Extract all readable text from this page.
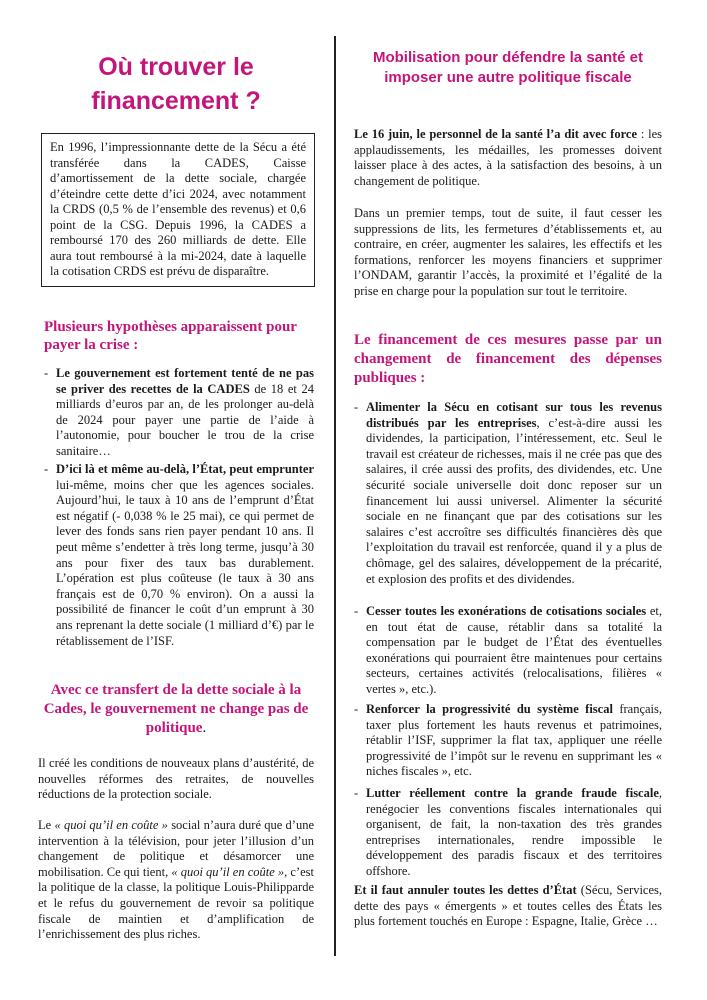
Où trouver le financement ?
En 1996, l’impressionnante dette de la Sécu a été transférée dans la CADES, Caisse d’amortissement de la dette sociale, chargée d’éteindre cette dette d’ici 2024, avec notamment la CRDS (0,5 % de l’ensemble des revenus) et 0,6 point de la CSG. Depuis 1996, la CADES a remboursé 170 des 260 milliards de dette. Elle aura tout remboursé à la mi-2024, date à laquelle la cotisation CRDS est prévu de disparaître.
Plusieurs hypothèses apparaissent pour payer la crise :
- Le gouvernement est fortement tenté de ne pas se priver des recettes de la CADES de 18 et 24 milliards d’euros par an, de les prolonger au-delà de 2024 pour payer une partie de l’aide à l’autonomie, pour boucher le trou de la crise sanitaire…
- D’ici là et même au-delà, l’État, peut emprunter lui-même, moins cher que les agences sociales. Aujourd’hui, le taux à 10 ans de l’emprunt d’État est négatif (- 0,038 % le 25 mai), ce qui permet de lever des fonds sans rien payer pendant 10 ans. Il peut même s’endetter à très long terme, jusqu’à 30 ans pour fixer des taux bas durablement. L’opération est plus coûteuse (le taux à 30 ans français est de 0,70 % environ). On a aussi la possibilité de financer le coût d’un emprunt à 30 ans reprenant la dette sociale (1 milliard d’€) par le rétablissement de l’ISF.
Avec ce transfert de la dette sociale à la Cades, le gouvernement ne change pas de politique.

Il créé les conditions de nouveaux plans d’austérité, de nouvelles réformes des retraites, de nouvelles réductions de la protection sociale.

Le « quoi qu’il en coûte » social n’aura duré que d’une intervention à la télévision, pour jeter l’illusion d’un changement de politique et désamorcer une mobilisation. Ce qui tient, « quoi qu’il en coûte », c’est la politique de la classe, la politique Louis-Philipparde et le refus du gouvernement de revoir sa politique fiscale de maintien et d’amplification de l’enrichissement des plus riches.

Mobilisation pour défendre la santé et imposer une autre politique fiscale

Le 16 juin, le personnel de la santé l’a dit avec force : les applaudissements, les médailles, les promesses doivent laisser place à des actes, à la satisfaction des besoins, à un changement de politique.

Dans un premier temps, tout de suite, il faut cesser les suppressions de lits, les fermetures d’établissements et, au contraire, en créer, augmenter les salaires, les effectifs et les formations, renforcer les moyens financiers et supprimer l’ONDAM, garantir l’accès, la proximité et l’égalité de la prise en charge pour la population sur tout le territoire.

Le financement de ces mesures passe par un changement de financement des dépenses publiques :
- Alimenter la Sécu en cotisant sur tous les revenus distribués par les entreprises, c’est-à-dire aussi les dividendes, la participation, l’intéressement, etc. Seul le travail est créateur de richesses, mais il ne crée pas que des salaires, il crée aussi des profits, des dividendes, etc. Une sécurité sociale universelle doit donc reposer sur un financement lui aussi universel. Alimenter la sécurité sociale en ne finançant que par des cotisations sur les salaires c’est accroître ses difficultés financières dès que l’exploitation du travail est renforcée, quand il y a plus de chômage, gel des salaires, développement de la précarité, et explosion des profits et des dividendes.
- Cesser toutes les exonérations de cotisations sociales et, en tout état de cause, rétablir dans sa totalité la compensation par le budget de l’État des éventuelles exonérations qui pourraient être maintenues pour certains secteurs, certaines activités (relocalisations, filières « vertes », etc.).
- Renforcer la progressivité du système fiscal français, taxer plus fortement les hauts revenus et patrimoines, rétablir l’ISF, supprimer la flat tax, appliquer une réelle progressivité de l’impôt sur le revenu en supprimant les « niches fiscales », etc.
- Lutter réellement contre la grande fraude fiscale, renégocier les conventions fiscales internationales qui organisent, de fait, la non-taxation des très grandes entreprises internationales, rendre impossible le développement des paradis fiscaux et des territoires offshore.

Et il faut annuler toutes les dettes d’État (Sécu, Services, dette des pays « émergents » et toutes celles des États les plus fortement touchés en Europe : Espagne, Italie, Grèce …
